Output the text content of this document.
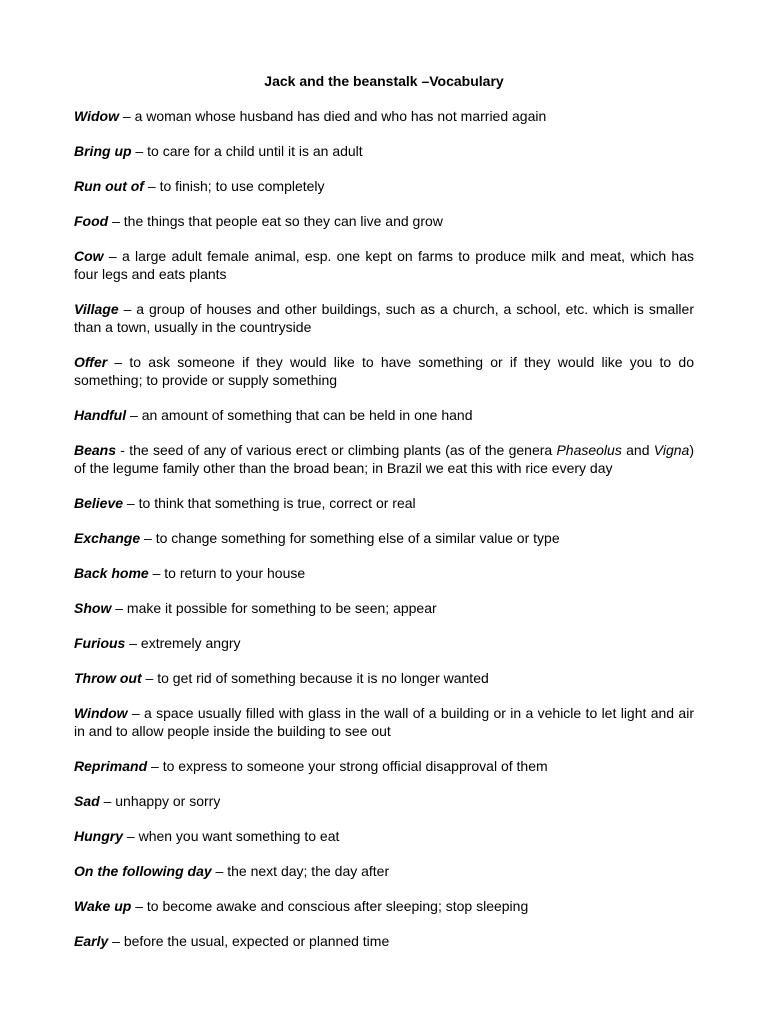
Jack and the beanstalk –Vocabulary

Widow – a woman whose husband has died and who has not married again

Bring up – to care for a child until it is an adult

Run out of – to finish; to use completely

Food – the things that people eat so they can live and grow

Cow – a large adult female animal, esp. one kept on farms to produce milk and meat, which has four legs and eats plants

Village – a group of houses and other buildings, such as a church, a school, etc. which is smaller than a town, usually in the countryside

Offer – to ask someone if they would like to have something or if they would like you to do something; to provide or supply something

Handful – an amount of something that can be held in one hand

Beans - the seed of any of various erect or climbing plants (as of the genera Phaseolus and Vigna) of the legume family other than the broad bean; in Brazil we eat this with rice every day

Believe – to think that something is true, correct or real

Exchange – to change something for something else of a similar value or type

Back home – to return to your house

Show – make it possible for something to be seen; appear

Furious – extremely angry

Throw out – to get rid of something because it is no longer wanted

Window – a space usually filled with glass in the wall of a building or in a vehicle to let light and air in and to allow people inside the building to see out

Reprimand – to express to someone your strong official disapproval of them

Sad – unhappy or sorry

Hungry – when you want something to eat

On the following day – the next day; the day after

Wake up – to become awake and conscious after sleeping; stop sleeping

Early – before the usual, expected or planned time
